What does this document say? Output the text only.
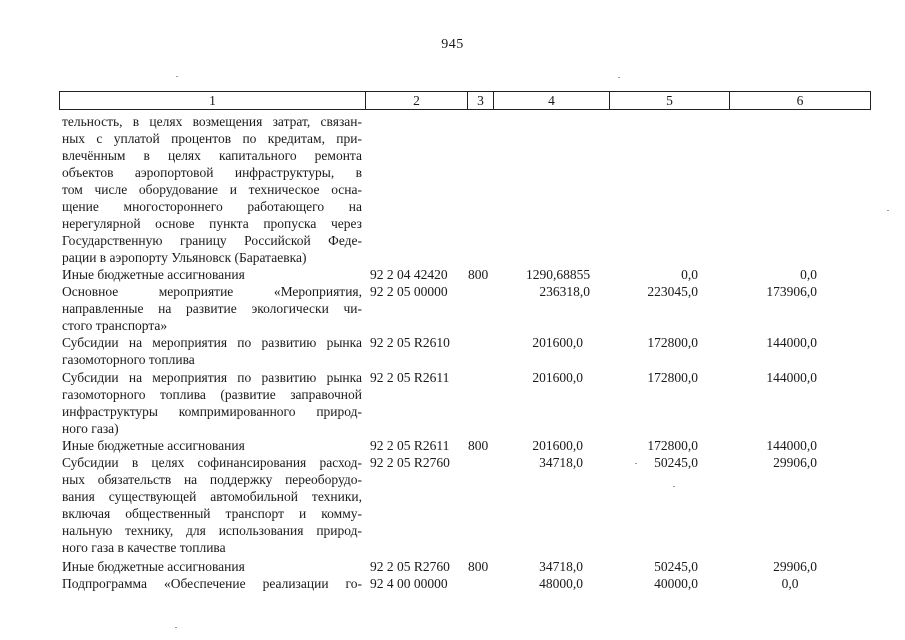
945
1	2	3	4	5	6
тельность, в целях возмещения затрат, связан-
ных с уплатой процентов по кредитам, при-
влечённым в целях капитального ремонта
объектов аэропортовой инфраструктуры, в
том числе оборудование и техническое осна-
щение многостороннего работающего на
нерегулярной основе пункта пропуска через
Государственную границу Российской Феде-
рации в аэропорту Ульяновск (Баратаевка)
Иные бюджетные ассигнования	92 2 04 42420 800	1290,68855	0,0	0,0
Основное мероприятие «Мероприятия,
направленные на развитие экологически чи-
стого транспорта»
92 2 05 00000	236318,0	223045,0	173906,0
Субсидии на мероприятия по развитию рынка
газомоторного топлива
92 2 05 R2610	201600,0	172800,0	144000,0
Субсидии на мероприятия по развитию рынка
газомоторного топлива (развитие заправочной
инфраструктуры компримированного природ-
ного газа)
92 2 05 R2611	201600,0	172800,0	144000,0
Иные бюджетные ассигнования	92 2 05 R2611 800	201600,0	172800,0	144000,0
Субсидии в целях софинансирования расход-
ных обязательств на поддержку переоборудо-
вания существующей автомобильной техники,
включая общественный транспорт и комму-
нальную технику, для использования природ-
ного газа в качестве топлива
92 2 05 R2760	34718,0	50245,0	29906,0
Иные бюджетные ассигнования	92 2 05 R2760 800	34718,0	50245,0	29906,0
Подпрограмма «Обеспечение реализации го- 92 4 00 00000	48000,0	40000,0	0,0
